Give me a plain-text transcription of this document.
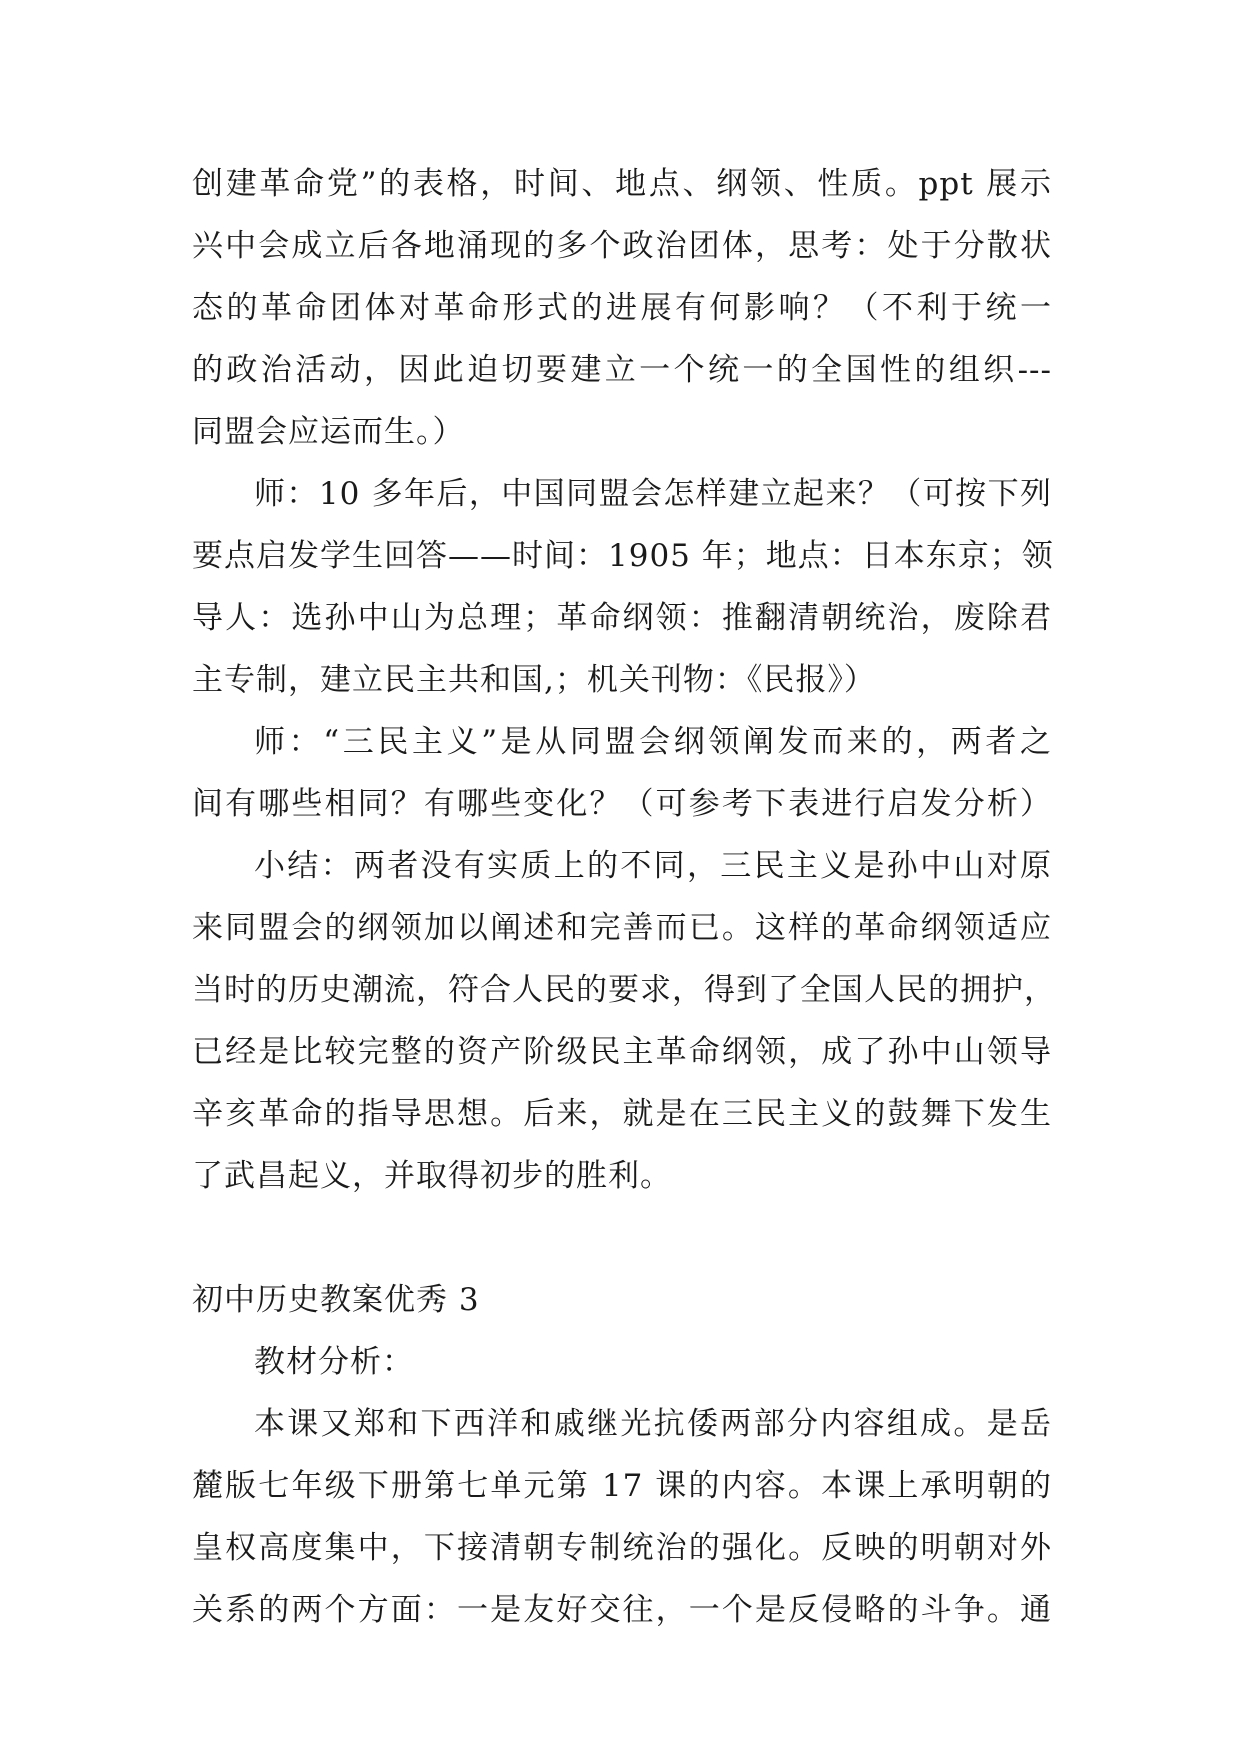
创建革命党”的表格，时间、地点、纲领、性质。ppt 展示
兴中会成立后各地涌现的多个政治团体，思考：处于分散状
态的革命团体对革命形式的进展有何影响？（不利于统一
的政治活动，因此迫切要建立一个统一的全国性的组织---
同盟会应运而生。）
师：10 多年后，中国同盟会怎样建立起来？（可按下列
要点启发学生回答——时间：1905 年；地点：日本东京；领
导人：选孙中山为总理；革命纲领：推翻清朝统治，废除君
主专制，建立民主共和国,；机关刊物：《民报》）
师：“三民主义”是从同盟会纲领阐发而来的，两者之
间有哪些相同？有哪些变化？（可参考下表进行启发分析）
小结：两者没有实质上的不同，三民主义是孙中山对原
来同盟会的纲领加以阐述和完善而已。这样的革命纲领适应
当时的历史潮流，符合人民的要求，得到了全国人民的拥护，
已经是比较完整的资产阶级民主革命纲领，成了孙中山领导
辛亥革命的指导思想。后来，就是在三民主义的鼓舞下发生
了武昌起义，并取得初步的胜利。
初中历史教案优秀 3
教材分析：
本课又郑和下西洋和戚继光抗倭两部分内容组成。是岳
麓版七年级下册第七单元第 17 课的内容。本课上承明朝的
皇权高度集中，下接清朝专制统治的强化。反映的明朝对外
关系的两个方面：一是友好交往，一个是反侵略的斗争。通
